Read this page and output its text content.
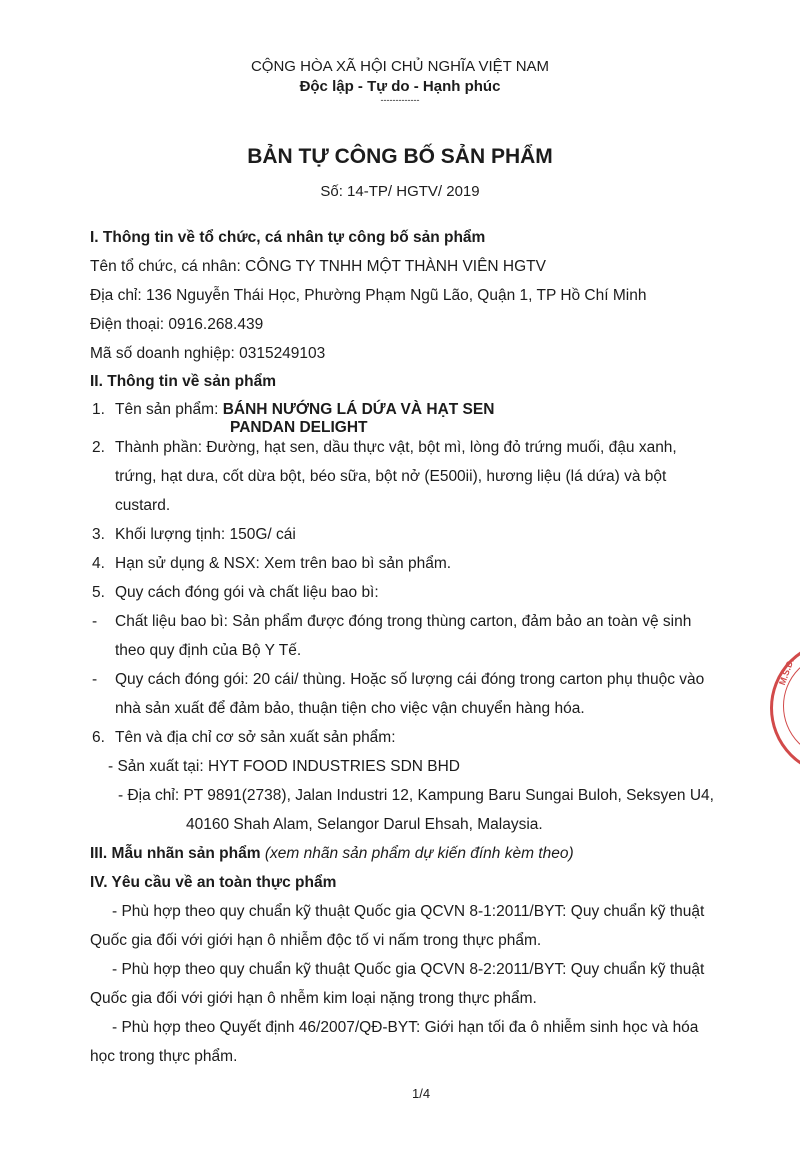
CỘNG HÒA XÃ HỘI CHỦ NGHĨA VIỆT NAM
Độc lập - Tự do - Hạnh phúc
-------------
BẢN TỰ CÔNG BỐ SẢN PHẨM
Số: 14-TP/ HGTV/ 2019
I. Thông tin về tổ chức, cá nhân tự công bố sản phẩm
Tên tổ chức, cá nhân: CÔNG TY TNHH MỘT THÀNH VIÊN HGTV
Địa chỉ: 136 Nguyễn Thái Học, Phường Phạm Ngũ Lão, Quận 1, TP Hồ Chí Minh
Điện thoại: 0916.268.439
Mã số doanh nghiệp: 0315249103
II. Thông tin về sản phẩm
1. Tên sản phẩm: BÁNH NƯỚNG LÁ DỨA VÀ HẠT SEN
PANDAN DELIGHT
2. Thành phần: Đường, hạt sen, dầu thực vật, bột mì, lòng đỏ trứng muối, đậu xanh,
trứng, hạt dưa, cốt dừa bột, béo sữa, bột nở (E500ii), hương liệu (lá dứa) và bột
custard.
3. Khối lượng tịnh: 150G/ cái
4. Hạn sử dụng & NSX: Xem trên bao bì sản phẩm.
5. Quy cách đóng gói và chất liệu bao bì:
- Chất liệu bao bì: Sản phẩm được đóng trong thùng carton, đảm bảo an toàn vệ sinh
theo quy định của Bộ Y Tế.
- Quy cách đóng gói: 20 cái/ thùng. Hoặc số lượng cái đóng trong carton phụ thuộc vào
nhà sản xuất để đảm bảo, thuận tiện cho việc vận chuyển hàng hóa.
6. Tên và địa chỉ cơ sở sản xuất sản phẩm:
- Sản xuất tại: HYT FOOD INDUSTRIES SDN BHD
- Địa chỉ: PT 9891(2738), Jalan Industri 12, Kampung Baru Sungai Buloh, Seksyen U4,
40160 Shah Alam, Selangor Darul Ehsah, Malaysia.
III. Mẫu nhãn sản phẩm (xem nhãn sản phẩm dự kiến đính kèm theo)
IV. Yêu cầu về an toàn thực phẩm
- Phù hợp theo quy chuẩn kỹ thuật Quốc gia QCVN 8-1:2011/BYT: Quy chuẩn kỹ thuật
Quốc gia đối với giới hạn ô nhiễm độc tố vi nấm trong thực phẩm.
- Phù hợp theo quy chuẩn kỹ thuật Quốc gia QCVN 8-2:2011/BYT: Quy chuẩn kỹ thuật
Quốc gia đối với giới hạn ô nhễm kim loại nặng trong thực phẩm.
- Phù hợp theo Quyết định 46/2007/QĐ-BYT: Giới hạn tối đa ô nhiễm sinh học và hóa
học trong thực phẩm.
1/4
M.S.D.
